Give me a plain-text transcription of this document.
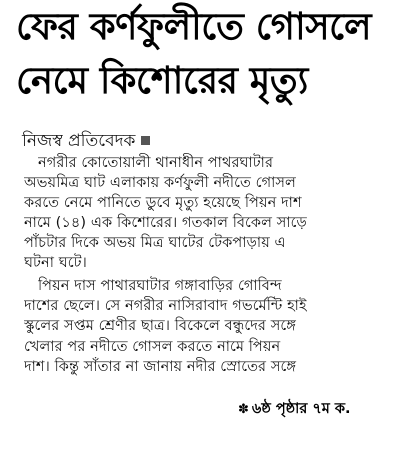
ফের কর্ণফুলীতে গোসলে
নেমে কিশোরের মৃত্যু
নিজস্ব প্রতিবেদক
নগরীর কোতোয়ালী থানাধীন পাথরঘাটার
অভয়মিত্র ঘাট এলাকায় কর্ণফুলী নদীতে গোসল
করতে নেমে পানিতে ডুবে মৃত্যু হয়েছে পিয়ন দাশ
নামে (১৪) এক কিশোরের। গতকাল বিকেল সাড়ে
পাঁচটার দিকে অভয় মিত্র ঘাটের টেকপাড়ায় এ
ঘটনা ঘটে।
পিয়ন দাস পাথারঘাটার গঙ্গাবাড়ির গোবিন্দ
দাশের ছেলে। সে নগরীর নাসিরাবাদ গভর্মেন্টি হাই
স্কুলের সপ্তম শ্রেণীর ছাত্র। বিকেলে বন্ধুদের সঙ্গে
খেলার পর নদীতে গোসল করতে নামে পিয়ন
দাশ। কিন্তু সাঁতার না জানায় নদীর স্রোতের সঙ্গে
✽ ৬ষ্ঠ পৃষ্ঠার ৭ম ক.
